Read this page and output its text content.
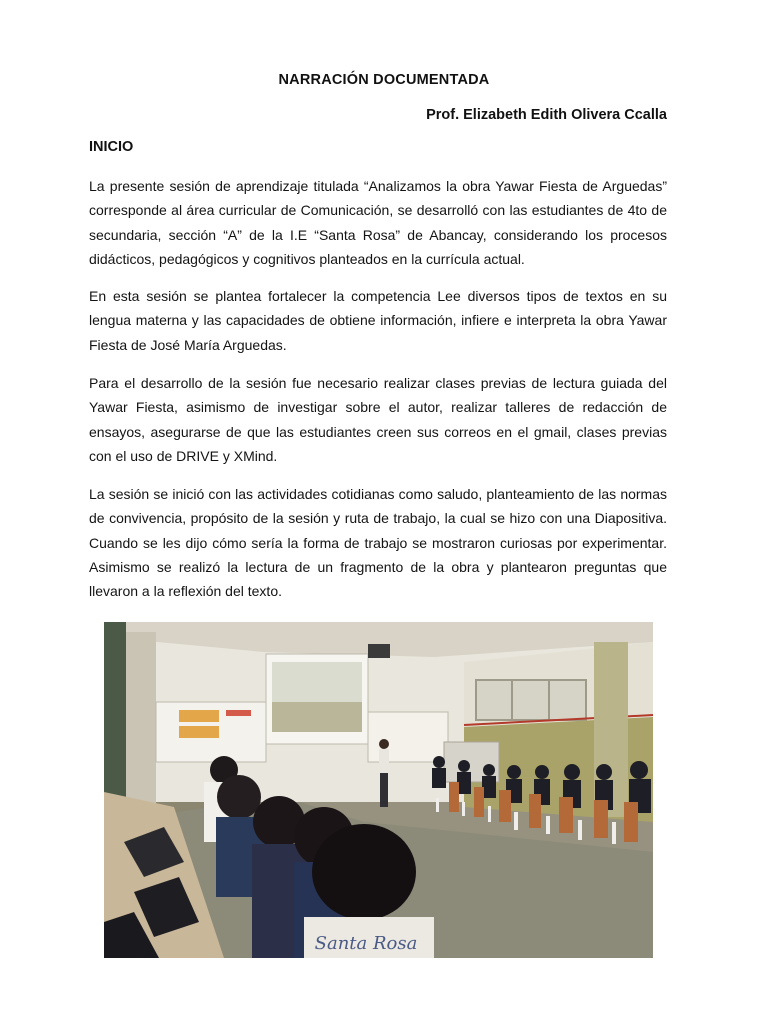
NARRACIÓN DOCUMENTADA
Prof. Elizabeth Edith Olivera Ccalla
INICIO

La presente sesión de aprendizaje titulada “Analizamos la obra Yawar Fiesta de Arguedas” corresponde al área curricular de Comunicación, se desarrolló con las estudiantes de 4to de secundaria, sección “A” de la I.E “Santa Rosa” de Abancay, considerando los procesos didácticos, pedagógicos y cognitivos planteados en la currícula actual.

En esta sesión se plantea fortalecer la competencia Lee diversos tipos de textos en su lengua materna y las capacidades de obtiene información, infiere e interpreta la obra Yawar Fiesta de José María Arguedas.

Para el desarrollo de la sesión fue necesario realizar clases previas de lectura guiada del Yawar Fiesta, asimismo de investigar sobre el autor, realizar talleres de redacción de ensayos, asegurarse de que las estudiantes creen sus correos en el gmail, clases previas con el uso de DRIVE y XMind.

La sesión se inició con las actividades cotidianas como saludo, planteamiento de las normas de convivencia, propósito de la sesión y ruta de trabajo, la cual se hizo con una Diapositiva. Cuando se les dijo cómo sería la forma de trabajo se mostraron curiosas por experimentar. Asimismo se realizó la lectura de un fragmento de la obra y plantearon preguntas que llevaron a la reflexión del texto.

Santa Rosa
